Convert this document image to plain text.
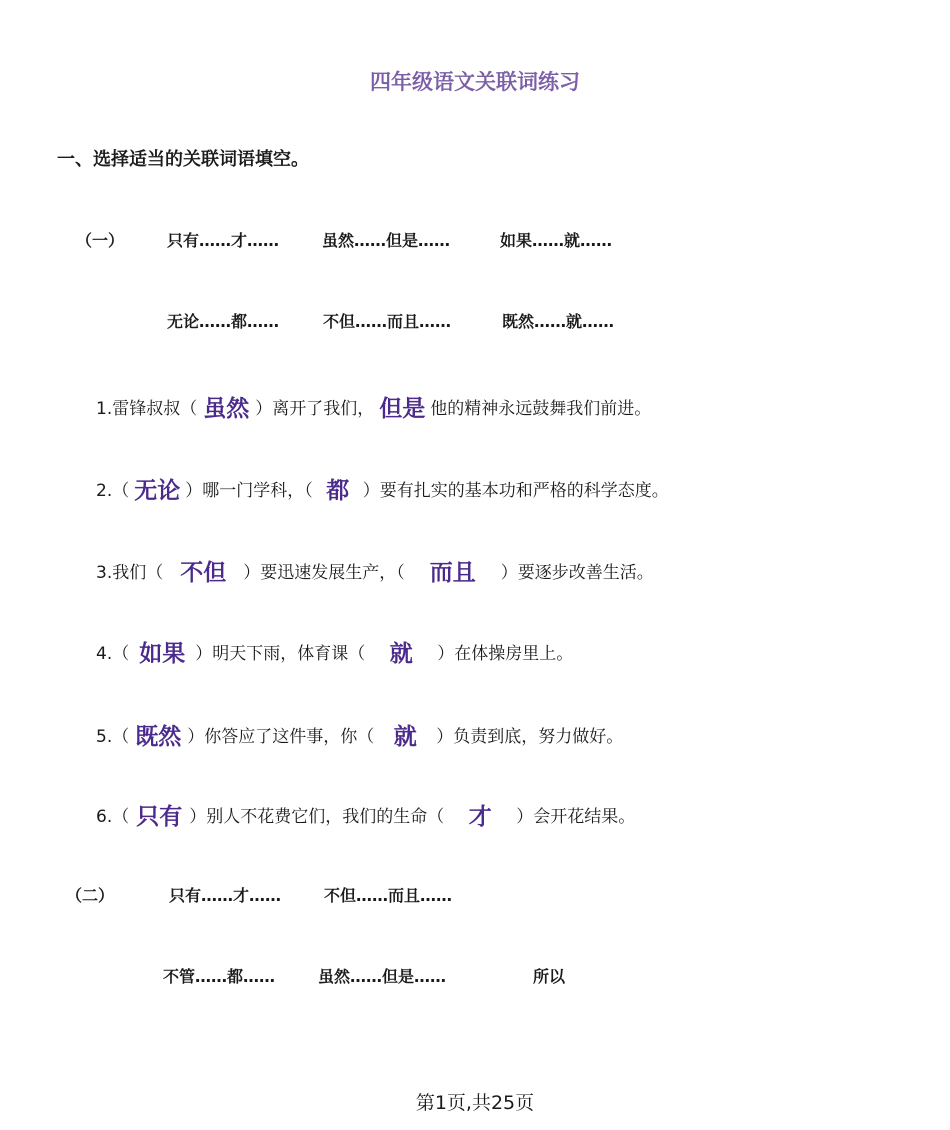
四年级语文关联词练习
一、选择适当的关联词语填空。
（一）	只有……才……	虽然……但是……	如果……就……
无论……都……	不但……而且……	既然……就……
1.雷锋叔叔（ 虽然 ）离开了我们， 但是 他的精神永远鼓舞我们前进。
2.（ 无论 ）哪一门学科，（ 都 ）要有扎实的基本功和严格的科学态度。
3.我们（ 不但 ）要迅速发展生产，（ 而且 ）要逐步改善生活。
4.（ 如果 ）明天下雨，体育课（ 就 ）在体操房里上。
5.（ 既然 ）你答应了这件事，你（ 就 ）负责到底，努力做好。
6.（ 只有 ）别人不花费它们，我们的生命（ 才 ）会开花结果。
（二）	只有……才……	不但……而且……
不管……都……	虽然……但是……	所以
第1页,共25页
